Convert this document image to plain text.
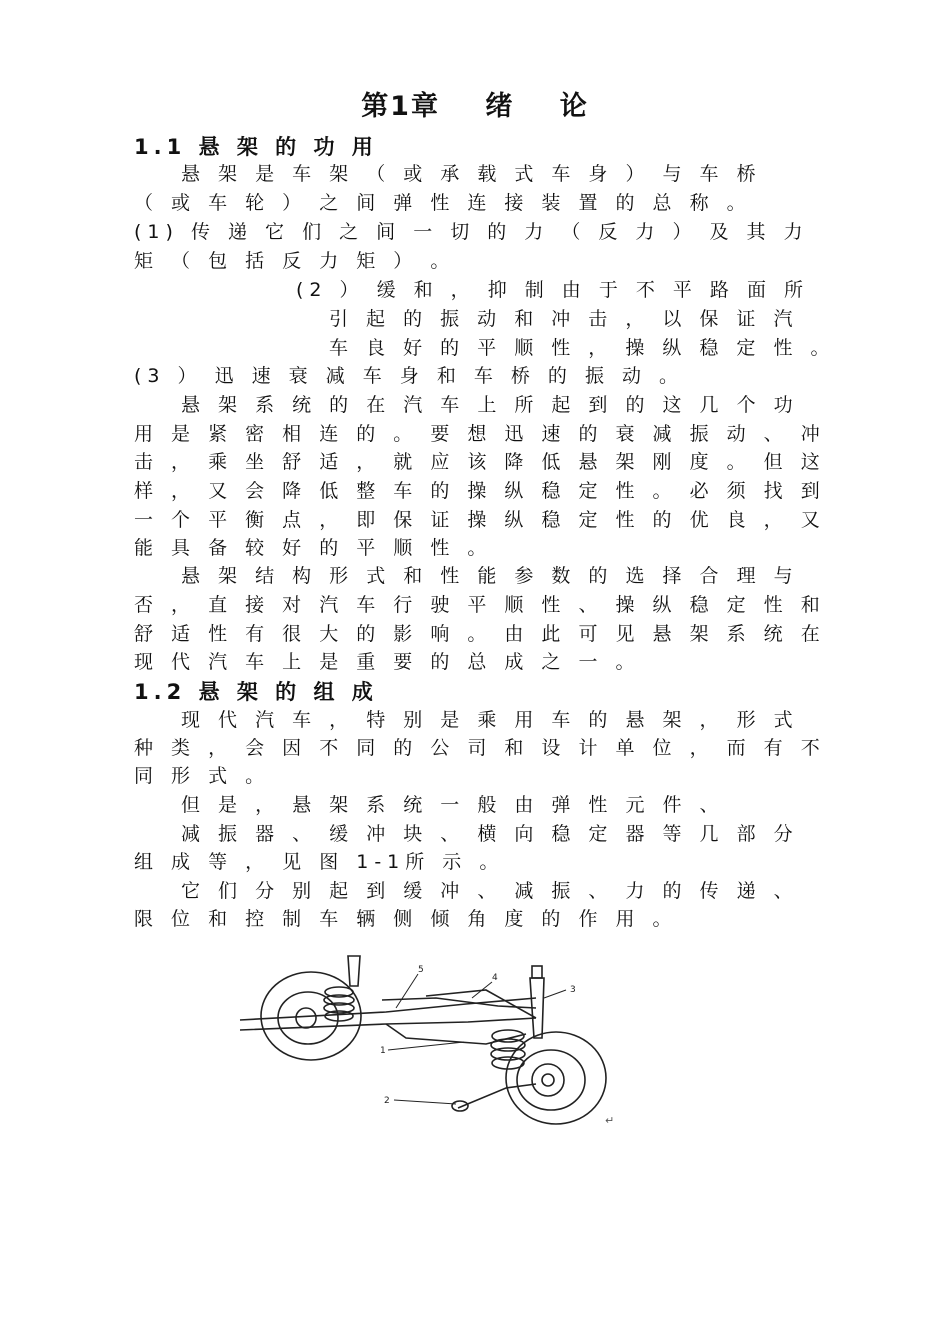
第1章 绪 论
1.1 悬 架 的 功 用
悬 架 是 车 架 （ 或 承 载 式 车 身 ） 与 车 桥
（ 或 车 轮 ） 之 间 弹 性 连 接 装 置 的 总 称 。
(1) 传 递 它 们 之 间 一 切 的 力 （ 反 力 ） 及 其 力
矩 （ 包 括 反 力 矩 ） 。
(2 ） 缓 和 ， 抑 制 由 于 不 平 路 面 所
引 起 的 振 动 和 冲 击 ， 以 保 证 汽
车 良 好 的 平 顺 性 ， 操 纵 稳 定 性 。
(3 ） 迅 速 衰 减 车 身 和 车 桥 的 振 动 。
悬 架 系 统 的 在 汽 车 上 所 起 到 的 这 几 个 功
用 是 紧 密 相 连 的 。 要 想 迅 速 的 衰 减 振 动 、 冲
击 ， 乘 坐 舒 适 ， 就 应 该 降 低 悬 架 刚 度 。 但 这
样 ， 又 会 降 低 整 车 的 操 纵 稳 定 性 。 必 须 找 到
一 个 平 衡 点 ， 即 保 证 操 纵 稳 定 性 的 优 良 ， 又
能 具 备 较 好 的 平 顺 性 。
悬 架 结 构 形 式 和 性 能 参 数 的 选 择 合 理 与
否 ， 直 接 对 汽 车 行 驶 平 顺 性 、 操 纵 稳 定 性 和
舒 适 性 有 很 大 的 影 响 。 由 此 可 见 悬 架 系 统 在
现 代 汽 车 上 是 重 要 的 总 成 之 一 。
1.2 悬 架 的 组 成
现 代 汽 车 ， 特 别 是 乘 用 车 的 悬 架 ， 形 式
种 类 ， 会 因 不 同 的 公 司 和 设 计 单 位 ， 而 有 不
同 形 式 。
但 是 ， 悬 架 系 统 一 般 由 弹 性 元 件 、
减 振 器 、 缓 冲 块 、 横 向 稳 定 器 等 几 部 分
组 成 等 ， 见 图 1-1所 示 。
它 们 分 别 起 到 缓 冲 、 减 振 、 力 的 传 递 、
限 位 和 控 制 车 辆 侧 倾 角 度 的 作 用 。
1
2
3
4
5
↵
